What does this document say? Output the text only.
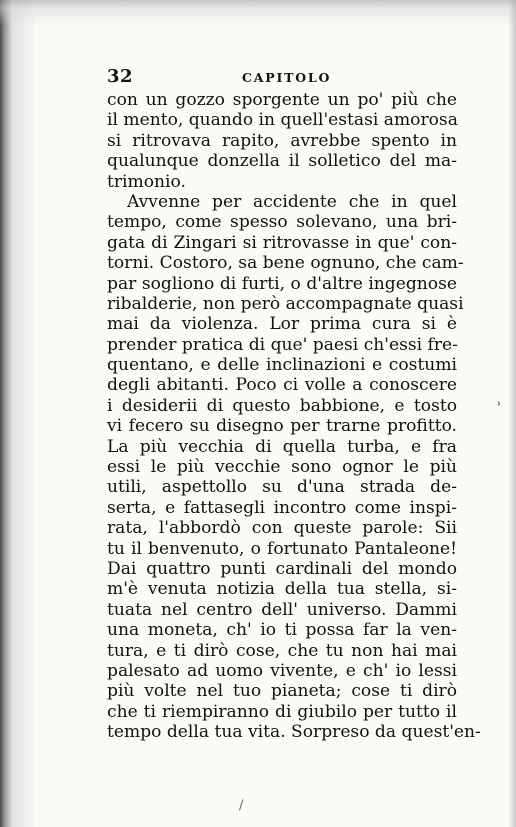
32	CAPITOLO
con un gozzo sporgente un po' più che
il mento, quando in quell'estasi amorosa
si ritrovava rapito, avrebbe spento in
qualunque donzella il solletico del ma-
trimonio.
Avvenne per accidente che in quel
tempo, come spesso solevano, una bri-
gata di Zingari si ritrovasse in que' con-
torni. Costoro, sa bene ognuno, che cam-
par sogliono di furti, o d'altre ingegnose
ribalderie, non però accompagnate quasi
mai da violenza. Lor prima cura si è
prender pratica di que' paesi ch'essi fre-
quentano, e delle inclinazioni e costumi
degli abitanti. Poco ci volle a conoscere
i desiderii di questo babbione, e tosto
vi fecero su disegno per trarne profitto.
La più vecchia di quella turba, e fra
essi le più vecchie sono ognor le più
utili, aspettollo su d'una strada de-
serta, e fattasegli incontro come inspi-
rata, l'abbordò con queste parole: Sii
tu il benvenuto, o fortunato Pantaleone!
Dai quattro punti cardinali del mondo
m'è venuta notizia della tua stella, si-
tuata nel centro dell' universo. Dammi
una moneta, ch' io ti possa far la ven-
tura, e ti dirò cose, che tu non hai mai
palesato ad uomo vivente, e ch' io lessi
più volte nel tuo pianeta; cose ti dirò
che ti riempiranno di giubilo per tutto il
tempo della tua vita. Sorpreso da quest'en-
˒
/
